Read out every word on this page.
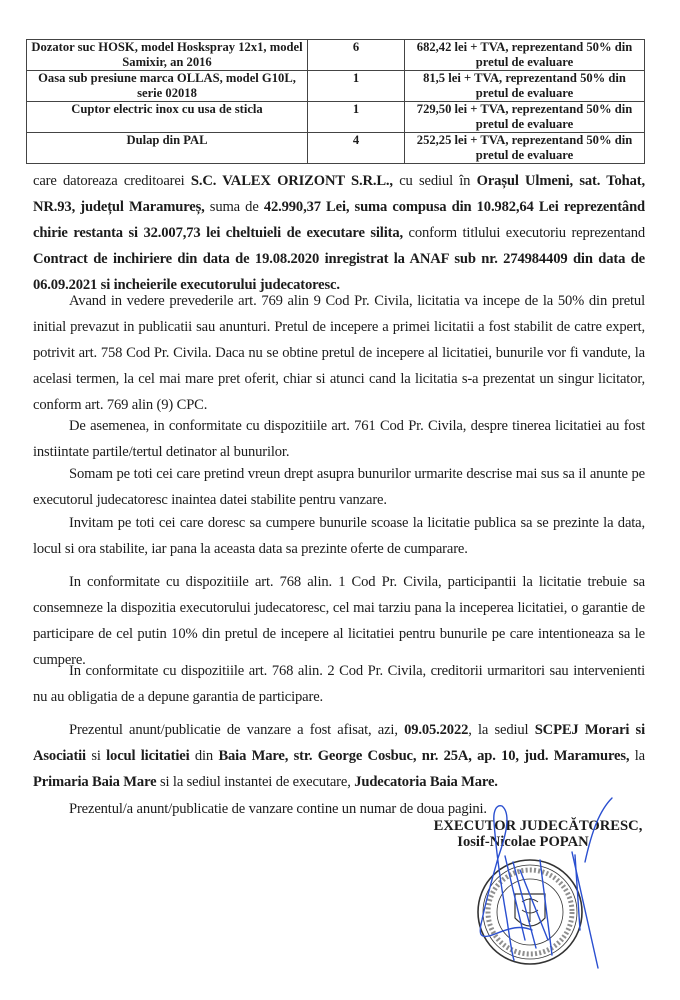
Dozator suc HOSK, model Hoskspray 12x1, model Samixir, an 2016	6	682,42 lei + TVA, reprezentand 50% din pretul de evaluare
Oasa sub presiune marca OLLAS, model G10L, serie 02018	1	81,5 lei + TVA, reprezentand 50% din pretul de evaluare
Cuptor electric inox cu usa de sticla	1	729,50 lei + TVA, reprezentand 50% din pretul de evaluare
Dulap din PAL	4	252,25 lei + TVA, reprezentand 50% din pretul de evaluare
care datoreaza creditoarei S.C. VALEX ORIZONT S.R.L., cu sediul în Orașul Ulmeni, sat. Tohat, NR.93, județul Maramureș, suma de 42.990,37 Lei, suma compusa din 10.982,64 Lei reprezentând chirie restanta si 32.007,73 lei cheltuieli de executare silita, conform titlului executoriu reprezentand Contract de inchiriere din data de 19.08.2020 inregistrat la ANAF sub nr. 274984409 din data de 06.09.2021 si incheierile executorului judecatoresc.
Avand in vedere prevederile art. 769 alin 9 Cod Pr. Civila, licitatia va incepe de la 50% din pretul initial prevazut in publicatii sau anunturi. Pretul de incepere a primei licitatii a fost stabilit de catre expert, potrivit art. 758 Cod Pr. Civila. Daca nu se obtine pretul de incepere al licitatiei, bunurile vor fi vandute, la acelasi termen, la cel mai mare pret oferit, chiar si atunci cand la licitatia s-a prezentat un singur licitator, conform art. 769 alin (9) CPC.
De asemenea, in conformitate cu dispozitiile art. 761 Cod Pr. Civila, despre tinerea licitatiei au fost instiintate partile/tertul detinator al bunurilor.
Somam pe toti cei care pretind vreun drept asupra bunurilor urmarite descrise mai sus sa il anunte pe executorul judecatoresc inaintea datei stabilite pentru vanzare.
Invitam pe toti cei care doresc sa cumpere bunurile scoase la licitatie publica sa se prezinte la data, locul si ora stabilite, iar pana la aceasta data sa prezinte oferte de cumparare.
In conformitate cu dispozitiile art. 768 alin. 1 Cod Pr. Civila, participantii la licitatie trebuie sa consemneze la dispozitia executorului judecatoresc, cel mai tarziu pana la inceperea licitatiei, o garantie de participare de cel putin 10% din pretul de incepere al licitatiei pentru bunurile pe care intentioneaza sa le cumpere.
In conformitate cu dispozitiile art. 768 alin. 2 Cod Pr. Civila, creditorii urmaritori sau intervenienti nu au obligatia de a depune garantia de participare.
Prezentul anunt/publicatie de vanzare a fost afisat, azi, 09.05.2022, la sediul SCPEJ Morari si Asociatii si locul licitatiei din Baia Mare, str. George Cosbuc, nr. 25A, ap. 10, jud. Maramures, la Primaria Baia Mare si la sediul instantei de executare, Judecatoria Baia Mare.
Prezentul/a anunt/publicatie de vanzare contine un numar de doua pagini.
EXECUTOR JUDECĂTORESC,
Iosif-Nicolae POPAN
